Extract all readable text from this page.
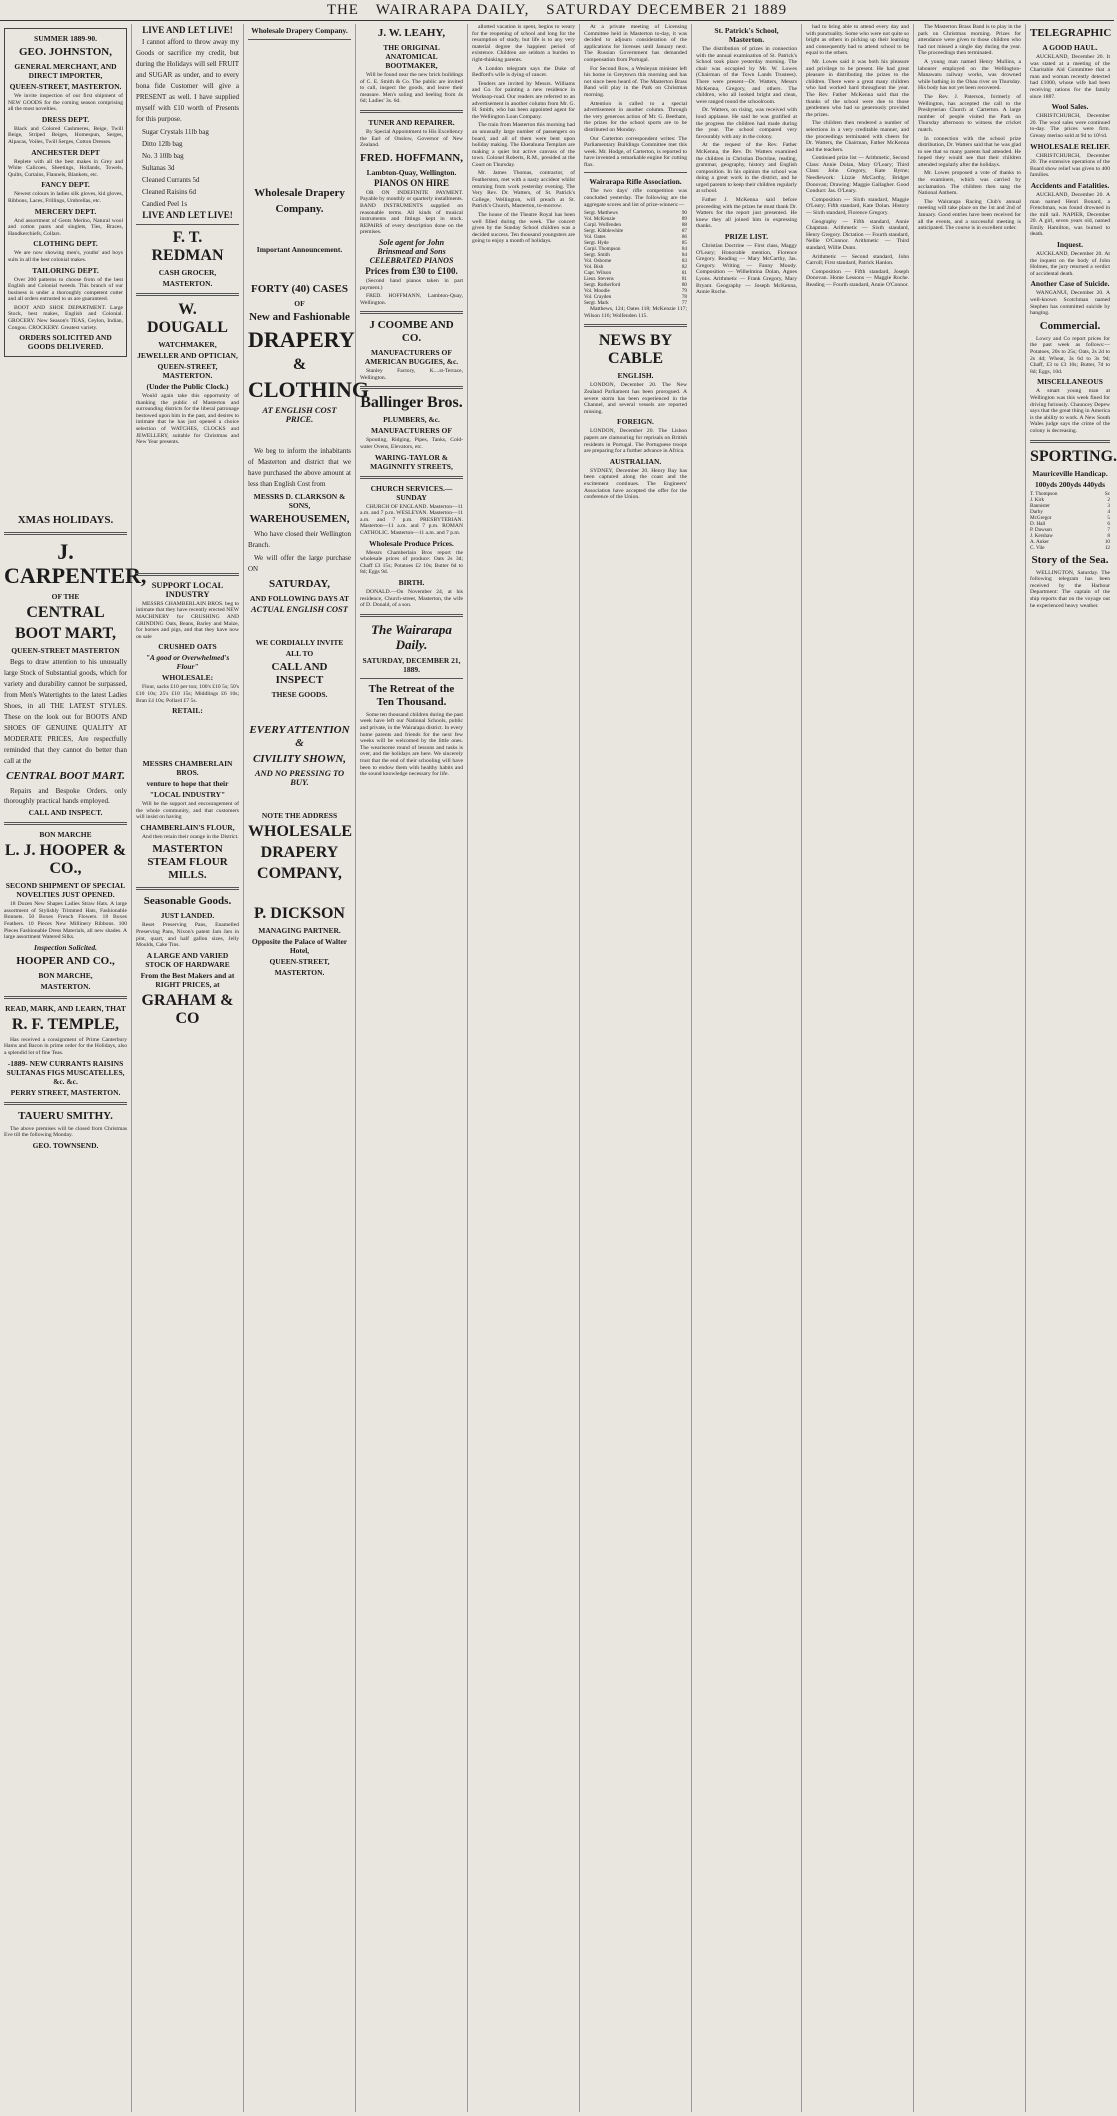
THE WAIRARAPA DAILY, SATURDAY DECEMBER 21 1889
SUMMER 1889-90.
GEO. JOHNSTON,
GENERAL MERCHANT, AND DIRECT IMPORTER,
QUEEN-STREET, MASTERTON.

We invite inspection of our first shipment of NEW GOODS for the coming season comprising all the most novelties.

DRESS DEPT.

Black and Colored Cashmeres, Beige, Twill Beige, Striped Beiges, Homespun, Serges, Alpacas, Voiles, Twill Serges, Cotton Dresses.

ANCHESTER DEPT

Replete with all the best makes in Grey and White Calicoes, Sheetings, Hollands, Towels, Quilts, Curtains, Flannels, Blankets, etc.

FANCY DEPT.

Newest colours in ladies silk gloves, kid gloves, Ribbons, Laces, Frillings, Umbrellas, etc.

MERCERY DEPT.

And assortment of Gents Merino, Natural wool and cotton pants and singlets, Ties, Braces, Handkerchiefs, Collars.

CLOTHING DEPT.

We are now showing men's, youths' and boys suits in all the best colonial makes.

TAILORING DEPT.

Over 200 patterns to choose from of the best English and Colonial tweeds. This branch of our business is under a thoroughly competent cutter and all orders entrusted to us are guaranteed.

BOOT AND SHOE DEPARTMENT. Large Stock, best makes, English and Colonial. GROCERY. New Season's TEAS, Ceylon, Indian, Congou. CROCKERY. Greatest variety.

ORDERS SOLICITED AND GOODS DELIVERED.
XMAS HOLIDAYS.
J. CARPENTER,
OF THE
CENTRAL
BOOT MART,
QUEEN-STREET MASTERTON

Begs to draw attention to his unusually large Stock of Substantial goods, which for variety and durability cannot be surpassed, from Men's Watertights to the latest Ladies Shoes, in all THE LATEST STYLES. These on the look out for BOOTS AND SHOES OF GENUINE QUALITY AT MODERATE PRICES, Are respectfully reminded that they cannot do better than call at the

CENTRAL BOOT MART.

Repairs and Bespoke Orders. only thoroughly practical hands employed.

CALL AND INSPECT.
BON MARCHE
L. J. HOOPER & CO.,
SECOND SHIPMENT OF SPECIAL NOVELTIES JUST OPENED.

18 Dozen New Shapes Ladies Straw Hats. A large assortment of Stylishly Trimmed Hats, Fashionable Bonnets. 50 Boxes French Flowers. 18 Boxes Feathers. 10 Pieces New Millinery Ribbons. 100 Pieces Fashionable Dress Materials, all new shades. A large assortment Watered Silks.

Inspection Solicited.
HOOPER AND CO.,
BON MARCHE,
MASTERTON.
READ, MARK, AND LEARN, THAT
R. F. TEMPLE,

Has received a consignment of Prime Canterbury Hams and Bacon in prime order for the Holidays, also a splendid lot of fine Teas.

-1889- NEW CURRANTS RAISINS SULTANAS FIGS MUSCATELLES, &c. &c.
PERRY STREET, MASTERTON.
TAUERU SMITHY.

The above premises will be closed from Christmas Eve till the following Monday.

GEO. TOWNSEND.
LIVE AND LET LIVE!

I cannot afford to throw away my Goods or sacrifice my credit, but during the Holidays will sell FRUIT and SUGAR as under, and to every bona fide Customer will give a PRESENT as well. I have supplied myself with £10 worth of Presents for this purpose.

Sugar Crystals 11lb bag

Ditto 12lb bag

No. 3 10lb bag

Sultanas 3d

Cleaned Currants 5d

Cleaned Raisins 6d

Candied Peel 1s

LIVE AND LET LIVE!
F. T. REDMAN
CASH GROCER,
MASTERTON.
W. DOUGALL
WATCHMAKER,
JEWELLER AND OPTICIAN,
QUEEN-STREET, MASTERTON.
(Under the Public Clock.)

Would again take this opportunity of thanking the public of Masterton and surrounding districts for the liberal patronage bestowed upon him in the past, and desires to intimate that he has just opened a choice selection of WATCHES, CLOCKS and JEWELLERY, suitable for Christmas and New Year presents.

SUPPORT LOCAL INDUSTRY

MESSRS CHAMBERLAIN BROS. beg to intimate that they have recently erected NEW MACHINERY for CRUSHING AND GRINDING Oats, Beans, Barley and Maize, for horses and pigs, and that they have now on sale

CRUSHED OATS
"A good or Overwhelmed's Flour"
WHOLESALE:

Flour, sacks £10 per ton; 100's £10 5s; 50's £10 10s; 25's £10 15s; Middlings £6 10s; Bran £4 10s; Pollard £7 5s.

RETAIL:
MESSRS CHAMBERLAIN BROS.
venture to hope that their
"LOCAL INDUSTRY"

Will be the support and encouragement of the whole community, and that customers will insist on having

CHAMBERLAIN'S FLOUR,

And then retain their orange in the District.

MASTERTON STEAM FLOUR MILLS.
Seasonable Goods.
JUST LANDED.

Reset Preserving Pans, Enamelled Preserving Pans, Nixon's patent Jam Jars in pint, quart, and half gallon sizes, Jelly Moulds, Cake Tins.

A LARGE AND VARIED STOCK OF HARDWARE
From the Best Makers and at RIGHT PRICES, at
GRAHAM & CO
Wholesale Drapery Company.
Wholesale Drapery
Company.
Important Announcement.
FORTY (40) CASES
OF
New and Fashionable
DRAPERY
&
CLOTHING
AT ENGLISH COST PRICE.

We beg to inform the inhabitants of Masterton and district that we have purchased the above amount at less than English Cost from

MESSRS D. CLARKSON & SONS,
WAREHOUSEMEN,

Who have closed their Wellington Branch.

We will offer the large purchase ON

SATURDAY,
AND FOLLOWING DAYS AT
ACTUAL ENGLISH COST
WE CORDIALLY INVITE
ALL TO
CALL AND INSPECT
THESE GOODS.
EVERY ATTENTION &
CIVILITY SHOWN,
AND NO PRESSING TO BUY.
NOTE THE ADDRESS
WHOLESALE
DRAPERY
COMPANY,
P. DICKSON
MANAGING PARTNER.
Opposite the Palace of Walter Hotel,
QUEEN-STREET,
MASTERTON.
J. W. LEAHY,
THE ORIGINAL ANATOMICAL BOOTMAKER,

Will be found near the new brick buildings of C. E. Smith & Co. The public are invited to call, inspect the goods, and leave their measure. Men's soling and heeling from 4s 6d; Ladies' 3s. 6d.

TUNER AND REPAIRER.

By Special Appointment to His Excellency the Earl of Onslow, Governor of New Zealand.

FRED. HOFFMANN,
Lambton-Quay, Wellington.
PIANOS ON HIRE

OR ON INDEFINITE PAYMENT. Payable by monthly or quarterly installments. BAND INSTRUMENTS supplied on reasonable terms. All kinds of musical instruments and fittings kept in stock. REPAIRS of every description done on the premises.

Sole agent for John Brinsmead and Sons CELEBRATED PIANOS
Prices from £30 to £100.

(Second hand pianos taken in part payment.)

FRED. HOFFMANN, Lambton-Quay, Wellington.

J COOMBE AND CO.
MANUFACTURERS OF AMERICAN BUGGIES, &c.

Stanley Factory, K....st-Terrace, Wellington.

Ballinger Bros.
PLUMBERS, &c.
MANUFACTURERS OF

Spouting, Ridging, Pipes, Tanks, Cold-water Ovens, Elevators, etc.

WARING-TAYLOR & MAGINNITY STREETS,
CHURCH SERVICES.—SUNDAY

CHURCH OF ENGLAND. Masterton—11 a.m. and 7 p.m. WESLEYAN. Masterton—11 a.m. and 7 p.m. PRESBYTERIAN. Masterton—11 a.m. and 7 p.m. ROMAN CATHOLIC. Masterton—11 a.m. and 7 p.m.

Wholesale Produce Prices.

Messrs Chamberlain Bros report the wholesale prices of produce: Oats 2s 3d; Chaff £3 15s; Potatoes £2 10s; Butter 6d to 8d; Eggs 9d.

BIRTH.

DONALD.—On November 24, at his residence, Church-street, Masterton, the wife of D. Donald, of a son.

The Wairarapa Daily.
SATURDAY, DECEMBER 21, 1889.
The Retreat of the Ten Thousand.

Some ten thousand children during the past week have left our National Schools, public and private, in the Wairarapa district. In every home parents and friends for the next few weeks will be welcomed by the little ones. The wearisome round of lessons and tasks is over, and the holidays are here. We sincerely trust that the end of their schooling will have been to endow them with healthy habits and the sound knowledge necessary for life.

allotted vacation is spent, begins to weary for the reopening of school and long for the resumption of study, but life is to any very material degree the happiest period of existence. Children are seldom a burden to right-thinking parents.

A London telegram says the Duke of Bedford's wife is dying of cancer.

Tenders are invited by Messrs. Williams and Co. for painting a new residence in Worksop-road. Our readers are referred to an advertisement in another column from Mr. G. H. Smith, who has been appointed agent for the Wellington Loan Company.

The train from Masterton this morning had an unusually large number of passengers on board, and all of them were bent upon holiday making. The Eketahuna Templars are making a quiet but active canvass of the town. Colonel Roberts, R.M., presided at the Court on Thursday.

Mr. James Thomas, contractor, of Featherston, met with a nasty accident whilst returning from work yesterday evening. The Very Rev. Dr. Watters, of St. Patrick's College, Wellington, will preach at St. Patrick's Church, Masterton, to-morrow.

The house of the Theatre Royal has been well filled during the week. The concert given by the Sunday School children was a decided success. Ten thousand youngsters are going to enjoy a month of holidays.

At a private meeting of Licensing Committee held in Masterton to-day, it was decided to adjourn consideration of the applications for licenses until January next. The Russian Government has demanded compensation from Portugal.

For Second Row, a Wesleyan minister left his home in Greytown this morning and has not since been heard of. The Masterton Brass Band will play in the Park on Christmas morning.

Attention is called to a special advertisement in another column. Through the very generous action of Mr. G. Beetham, the prizes for the school sports are to be distributed on Monday.

Our Carterton correspondent writes: The Parliamentary Buildings Committee met this week. Mr. Hodge, of Carterton, is reported to have invented a remarkable engine for cutting flax.

Wairarapa Rifle Association.

The two days' rifle competition was concluded yesterday. The following are the aggregate scores and list of prize-winners:—

Sergt. Matthews	90
Vol. McKenzie	89
Corpl. Wolfenden	88
Sergt. Kibblewhite	87
Vol. Oates	86
Sergt. Hyde	85
Corpl. Thompson	84
Sergt. Smith	84
Vol. Osborne	83
Vol. Bish	82
Capt. Wilson	81
Lieut. Stevens	81
Sergt. Rutherford	80
Vol. Moodie	79
Vol. Crayden	78
Sergt. Mark	77

Matthews, 124; Oates 118; McKenzie 117; Wilson 116; Wolfenden 115.

NEWS BY CABLE
ENGLISH.

LONDON, December 20. The New Zealand Parliament has been prorogued. A severe storm has been experienced in the Channel, and several vessels are reported missing.

FOREIGN.

LONDON, December 20. The Lisbon papers are clamouring for reprisals on British residents in Portugal. The Portuguese troops are preparing for a further advance in Africa.

AUSTRALIAN.

SYDNEY, December 20. Henry Bay has been captured along the coast and the excitement continues. The Engineers' Association have accepted the offer for the conference of the Union.

St. Patrick's School, Masterton.

The distribution of prizes in connection with the annual examination of St. Patrick's School took place yesterday morning. The chair was occupied by Mr. W. Lowes (Chairman of the Town Lands Trustees). There were present—Dr. Watters, Messrs McKenna, Gregory, and others. The children, who all looked bright and clean, were ranged round the schoolroom.

Dr. Watters, on rising, was received with loud applause. He said he was gratified at the progress the children had made during the year. The school compared very favourably with any in the colony.

At the request of the Rev. Father McKenna, the Rev. Dr. Watters examined the children in Christian Doctrine, reading, grammar, geography, history and English composition. In his opinion the school was doing a great work in the district, and he urged parents to keep their children regularly at school.

Father J. McKenna said before proceeding with the prizes he must thank Dr. Watters for the report just presented. He knew they all joined him in expressing thanks.

PRIZE LIST.

Christian Doctrine — First class, Maggy O'Leary; Honorable mention, Florence Gregory. Reading — Mary McCarthy, Jas. Gregory. Writing — Fanny Moody. Composition — Wilhelmina Dolan, Agnes Lyons. Arithmetic — Frank Gregory, Mary Bryant. Geography — Joseph McKenna, Annie Roche.

had to bring able to attend every day and with punctuality. Some who were not quite so bright as others in picking up their learning and consequently had to attend school to be equal to the others.

Mr. Lowes said it was both his pleasure and privilege to be present. He had great pleasure in distributing the prizes to the children. There were a great many children who had worked hard throughout the year. The Rev. Father McKenna said that the thanks of the school were due to those gentlemen who had so generously provided the prizes.

The children then rendered a number of selections in a very creditable manner, and the proceedings terminated with cheers for Dr. Watters, the Chairman, Father McKenna and the teachers.

Continued prize list — Arithmetic, Second Class: Annie Dolan, Mary O'Leary; Third Class: John Gregory, Kate Byrne; Needlework: Lizzie McCarthy, Bridget Donovan; Drawing: Maggie Gallagher. Good Conduct: Jas. O'Leary.

Composition — Sixth standard, Maggie O'Leary; Fifth standard, Kate Dolan. History — Sixth standard, Florence Gregory.

Geography — Fifth standard, Annie Chapman. Arithmetic — Sixth standard, Henry Gregory. Dictation — Fourth standard, Nellie O'Connor. Arithmetic — Third standard, Willie Dunn.

Arithmetic — Second standard, John Carroll; First standard, Patrick Hanlon.

Composition — Fifth standard, Joseph Donovan. Home Lessons — Maggie Roche. Reading — Fourth standard, Annie O'Connor.

The Masterton Brass Band is to play in the park on Christmas morning. Prizes for attendance were given to those children who had not missed a single day during the year. The proceedings then terminated.

A young man named Henry Mullins, a labourer employed on the Wellington-Manawatu railway works, was drowned while bathing in the Ohau river on Thursday. His body has not yet been recovered.

The Rev. J. Paterson, formerly of Wellington, has accepted the call to the Presbyterian Church at Carterton. A large number of people visited the Park on Thursday afternoon to witness the cricket match.

In connection with the school prize distribution, Dr. Watters said that he was glad to see that so many parents had attended. He hoped they would see that their children attended regularly after the holidays.

Mr. Lowes proposed a vote of thanks to the examiners, which was carried by acclamation. The children then sang the National Anthem.

The Wairarapa Racing Club's annual meeting will take place on the 1st and 2nd of January. Good entries have been received for all the events, and a successful meeting is anticipated. The course is in excellent order.

TELEGRAPHIC
A GOOD HAUL.

AUCKLAND, December 20. It was stated at a meeting of the Charitable Aid Committee that a man and woman recently detected had £1000, whose wife had been receiving rations for the family since 1887.

Wool Sales.

CHRISTCHURCH, December 20. The wool sales were continued to-day. The prices were firm. Greasy merino sold at 9d to 10½d.

WHOLESALE RELIEF.

CHRISTCHURCH, December 20. The extensive operations of the Board show relief was given to 400 families.

Accidents and Fatalities.

AUCKLAND, December 20. A man named Henri Bonard, a Frenchman, was found drowned in the mill tail. NAPIER, December 20. A girl, seven years old, named Emily Hamilton, was burned to death.

Inquest.

AUCKLAND, December 20. At the inquest on the body of John Holmes, the jury returned a verdict of accidental death.

Another Case of Suicide.

WANGANUI, December 20. A well-known Scotchman named Stephen has committed suicide by hanging.

Commercial.

Lowry and Co report prices for the past week as follows:— Potatoes, 20s to 25s; Oats, 2s 2d to 2s 4d; Wheat, 3s 6d to 3s 9d; Chaff, £3 to £3 10s; Butter, 7d to 8d; Eggs, 10d.

MISCELLANEOUS

A smart young man at Wellington was this week fined for driving furiously. Chauncey Depew says that the great thing in America is the ability to work. A New South Wales judge says the crime of the colony is decreasing.

SPORTING.
Mauriceville Handicap.
100yds 200yds 440yds
T. Thompson	Sc
J. Kirk	2
Bannister	3
Darby	4
McGregor	5
D. Hall	6
P. Dawson	7
J. Kershaw	8
A. Anker	10
C. Vile	12
Story of the Sea.

WELLINGTON, Saturday. The following telegram has been received by the Harbour Department: The captain of the ship reports that on the voyage out he experienced heavy weather.
